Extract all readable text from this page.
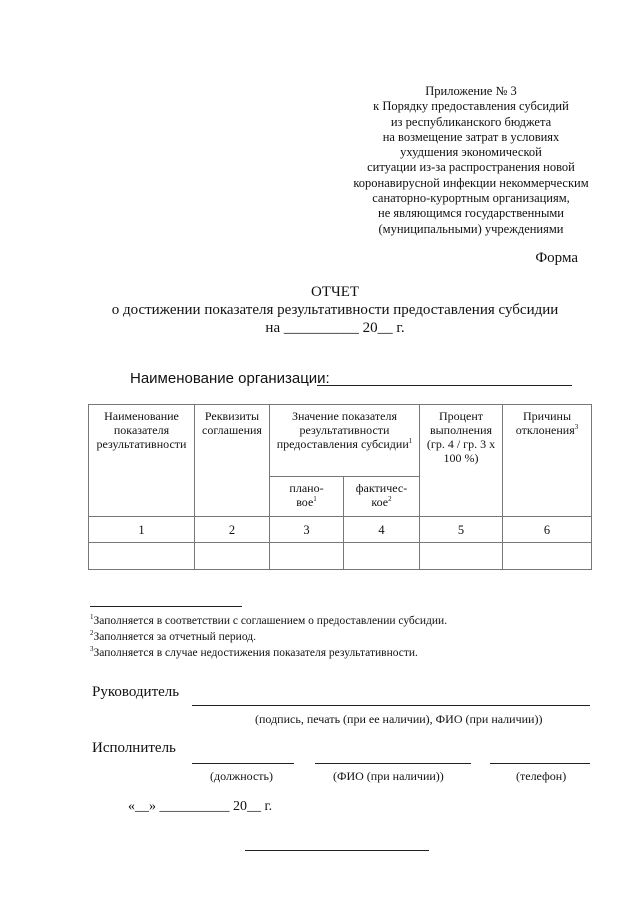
Приложение № 3
к Порядку предоставления субсидий
из республиканского бюджета
на возмещение затрат в условиях
ухудшения экономической
ситуации из-за распространения новой
коронавирусной инфекции некоммерческим
санаторно-курортным организациям,
не являющимся государственными
(муниципальными) учреждениями
Форма
ОТЧЕТ
о достижении показателя результативности предоставления субсидии
на __________ 20__ г.
Наименование организации:
Наименование показателя результативности	Реквизиты соглашения	Значение показателя результативности предоставления субсидии$^1$		Процент выполнения (гр. 4 / гр. 3 х 100 %)	Причины отклонения$^3$
		плано-вое$^1$	фактичес-кое$^2$
1	2	3	4	5	6

$^1$Заполняется в соответствии с соглашением о предоставлении субсидии.
$^2$Заполняется за отчетный период.
$^3$Заполняется в случае недостижения показателя результативности.
Руководитель
(подпись, печать (при ее наличии), ФИО (при наличии))
Исполнитель
(должность)	(ФИО (при наличии))	(телефон)
«__» __________ 20__ г.
